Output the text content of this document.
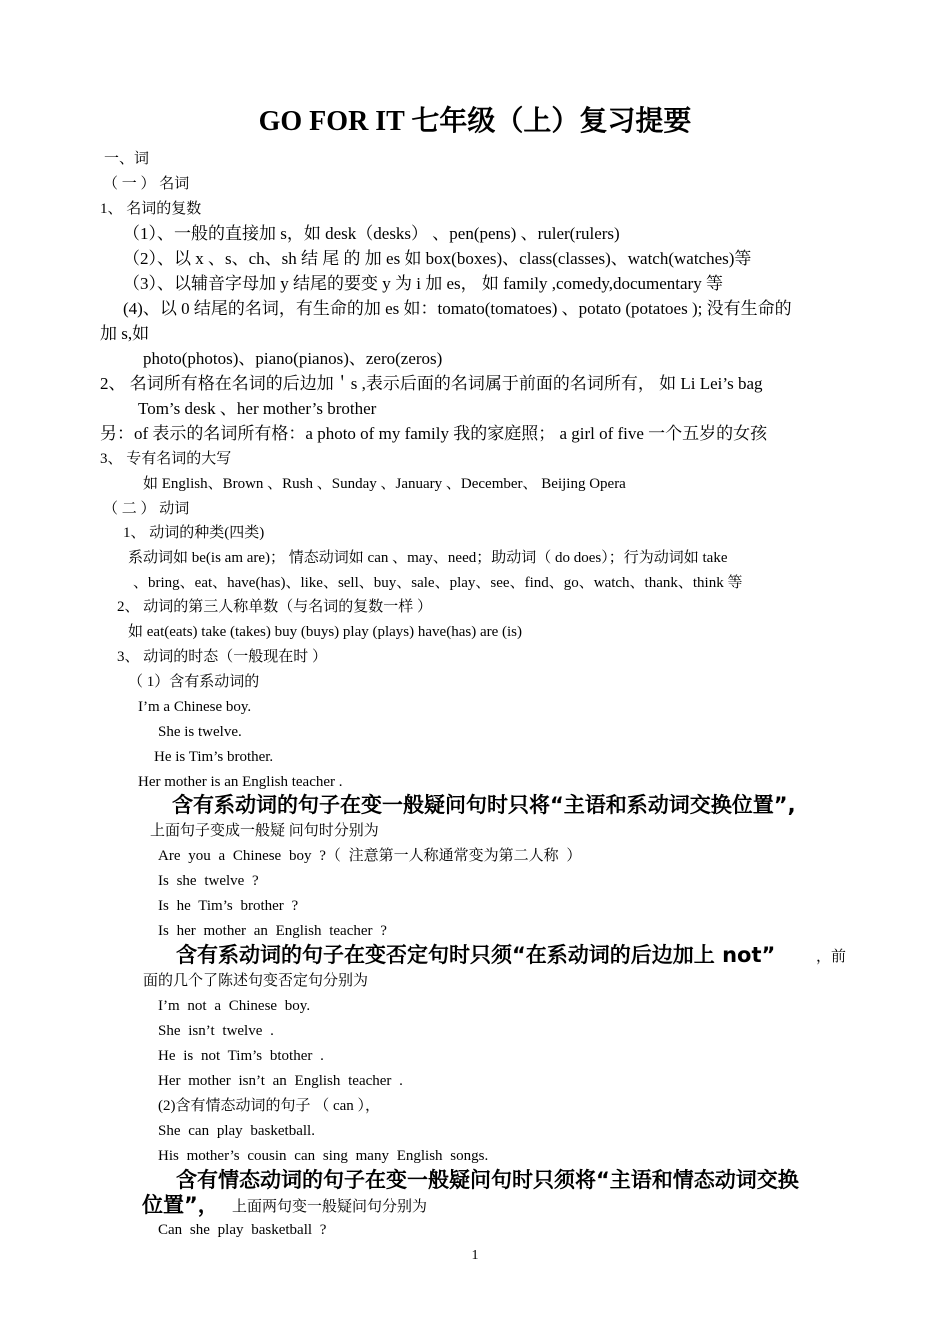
GO FOR IT 七年级（上）复习提要
一、词
（ 一 ） 名词
1、 名词的复数
（1）、一般的直接加 s，如 desk（desks） 、pen(pens) 、ruler(rulers)
（2）、以 x 、s、ch、sh 结 尾 的 加 es 如 box(boxes)、class(classes)、watch(watches)等
（3）、以辅音字母加 y 结尾的要变 y 为 i 加 es， 如 family ,comedy,documentary 等
(4)、以 0 结尾的名词，有生命的加 es 如：tomato(tomatoes) 、potato (potatoes ); 没有生命的
加 s,如
photo(photos)、piano(pianos)、zero(zeros)
2、 名词所有格在名词的后边加＇s ,表示后面的名词属于前面的名词所有， 如 Li Lei’s bag
Tom’s desk 、her mother’s brother
另：of 表示的名词所有格：a photo of my family 我的家庭照； a girl of five 一个五岁的女孩
3、 专有名词的大写
如 English、Brown 、Rush 、Sunday 、January 、December、 Beijing Opera
（ 二 ） 动词
1、 动词的种类(四类)
系动词如 be(is am are)； 情态动词如 can 、may、need；助动词（ do does）；行为动词如 take
、bring、eat、have(has)、like、sell、buy、sale、play、see、find、go、watch、thank、think 等
2、 动词的第三人称单数（与名词的复数一样 ）
如 eat(eats) take (takes) buy (buys) play (plays) have(has) are (is)
3、 动词的时态（一般现在时 ）
（ 1）含有系动词的
I’m a Chinese boy.
She is twelve.
He is Tim’s brother.
Her mother is an English teacher .
含有系动词的句子在变一般疑问句时只将“主语和系动词交换位置”,
上面句子变成一般疑 问句时分别为
Are you a Chinese boy ?（ 注意第一人称通常变为第二人称 ）
Is she twelve ?
Is he Tim’s brother ?
Is her mother an English teacher ?
含有系动词的句子在变否定句时只须“在系动词的后边加上 not”	，前
面的几个了陈述句变否定句分别为
I’m not a Chinese boy.
She isn’t twelve .
He is not Tim’s btother .
Her mother isn’t an English teacher .
(2)含有情态动词的句子 （ can ），
She can play basketball.
His mother’s cousin can sing many English songs.
含有情态动词的句子在变一般疑问句时只须将“主语和情态动词交换
位置”， 上面两句变一般疑问句分别为
Can she play basketball ?
1
